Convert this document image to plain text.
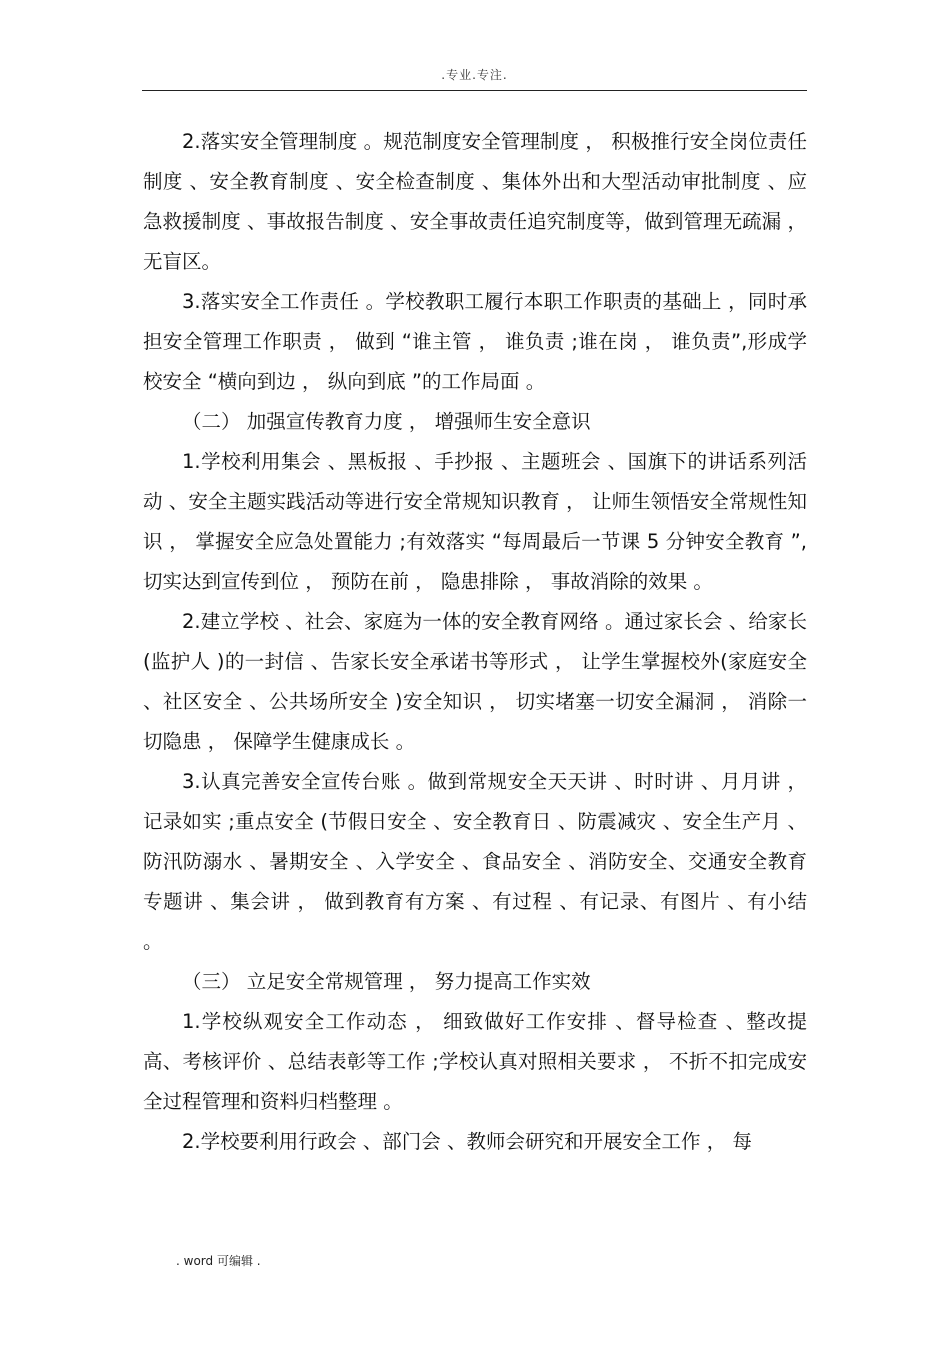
.专业.专注.

2.落实安全管理制度 。规范制度安全管理制度 ， 积极推行安全岗位责任制度 、安全教育制度 、安全检查制度 、集体外出和大型活动审批制度 、应急救援制度 、事故报告制度 、安全事故责任追究制度等，做到管理无疏漏 ， 无盲区。

3.落实安全工作责任 。学校教职工履行本职工作职责的基础上 ，同时承担安全管理工作职责 ， 做到 “谁主管 ， 谁负责 ;谁在岗 ， 谁负责”,形成学校安全 “横向到边 ， 纵向到底 ”的工作局面 。

（二） 加强宣传教育力度 ， 增强师生安全意识

1.学校利用集会 、黑板报 、手抄报 、主题班会 、国旗下的讲话系列活动 、安全主题实践活动等进行安全常规知识教育 ， 让师生领悟安全常规性知识 ， 掌握安全应急处置能力 ;有效落实 “每周最后一节课 5 分钟安全教育 ”,切实达到宣传到位 ， 预防在前 ， 隐患排除 ， 事故消除的效果 。

2.建立学校 、社会、家庭为一体的安全教育网络 。通过家长会 、给家长 (监护人 )的一封信 、告家长安全承诺书等形式 ， 让学生掌握校外(家庭安全 、社区安全 、公共场所安全 )安全知识 ， 切实堵塞一切安全漏洞 ， 消除一切隐患 ， 保障学生健康成长 。

3.认真完善安全宣传台账 。做到常规安全天天讲 、时时讲 、月月讲 ， 记录如实 ;重点安全 (节假日安全 、安全教育日 、防震减灾 、安全生产月 、防汛防溺水 、暑期安全 、入学安全 、食品安全 、消防安全、交通安全教育专题讲 、集会讲 ， 做到教育有方案 、有过程 、有记录、有图片 、有小结 。

（三） 立足安全常规管理 ， 努力提高工作实效

1.学校纵观安全工作动态 ， 细致做好工作安排 、督导检查 、整改提高、考核评价 、总结表彰等工作 ;学校认真对照相关要求 ， 不折不扣完成安全过程管理和资料归档整理 。

2.学校要利用行政会 、部门会 、教师会研究和开展安全工作 ， 每

. word 可编辑 .
